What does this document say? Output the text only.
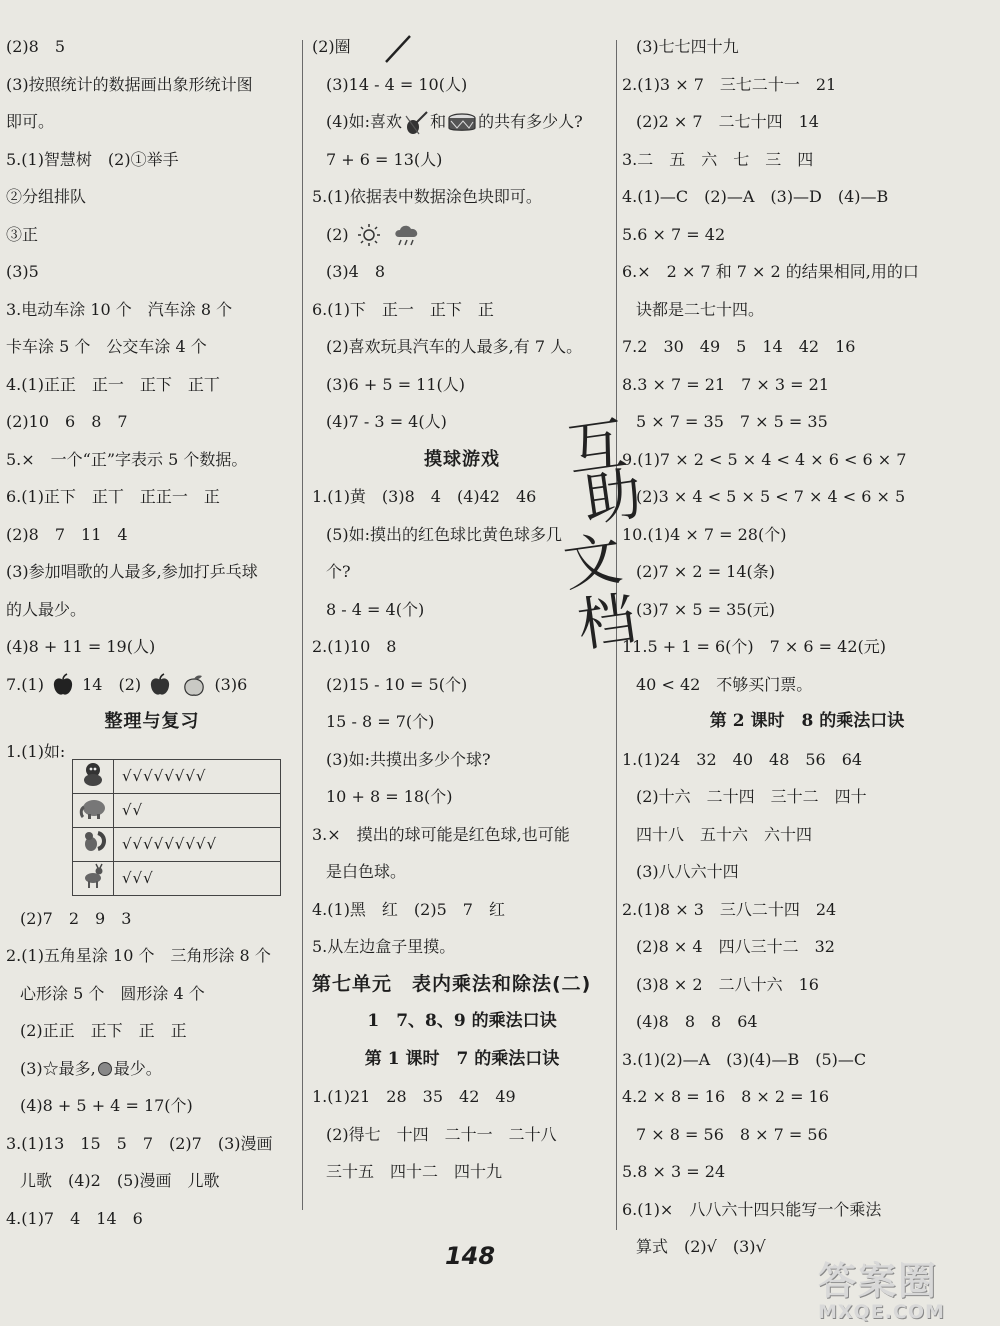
(2)8　5
(3)按照统计的数据画出象形统计图
即可。
5.(1)智慧树　(2)①举手
②分组排队
③正
(3)5
3.电动车涂 10 个　汽车涂 8 个
卡车涂 5 个　公交车涂 4 个
4.(1)正正　正⼀　正下　正丅
(2)10　6　8　7
5.×　一个“正”字表示 5 个数据。
6.(1)正下　正丅　正正⼀　正
(2)8　7　11　4
(3)参加唱歌的人最多,参加打乒乓球
的人最少。
(4)8 + 11 = 19(人)
7.(1) 14　(2)	(3)6
整理与复习
1.(1)如:
	√√√√√√√√
	√√
	√√√√√√√√√
	√√√
(2)7　2　9　3
2.(1)五角星涂 10 个　三角形涂 8 个
心形涂 5 个　圆形涂 4 个
(2)正正　正下　正　正
(3)☆最多, 最少。
(4)8 + 5 + 4 = 17(个)
3.(1)13　15　5　7　(2)7　(3)漫画
儿歌　(4)2　(5)漫画　儿歌
4.(1)7　4　14　6
(2)圈
(3)14 - 4 = 10(人)
(4)如:喜欢 和 的共有多少人?
7 + 6 = 13(人)
5.(1)依据表中数据涂色块即可。
(2)
(3)4　8
6.(1)下　正⼀　正下　正
(2)喜欢玩具汽车的人最多,有 7 人。
(3)6 + 5 = 11(人)
(4)7 - 3 = 4(人)
摸球游戏
1.(1)黄　(3)8　4　(4)42　46
(5)如:摸出的红色球比黄色球多几
个?
8 - 4 = 4(个)
2.(1)10　8
(2)15 - 10 = 5(个)
15 - 8 = 7(个)
(3)如:共摸出多少个球?
10 + 8 = 18(个)
3.×　摸出的球可能是红色球,也可能
是白色球。
4.(1)黑　红　(2)5　7　红
5.从左边盒子里摸。
第七单元　表内乘法和除法(二)
1　7、8、9 的乘法口诀
第 1 课时　7 的乘法口诀
1.(1)21　28　35　42　49
(2)得七　十四　二十一　二十八
三十五　四十二　四十九
(3)七七四十九
2.(1)3 × 7　三七二十一　21
(2)2 × 7　二七十四　14
3.二　五　六　七　三　四
4.(1)—C　(2)—A　(3)—D　(4)—B
5.6 × 7 = 42
6.×　2 × 7 和 7 × 2 的结果相同,用的口
诀都是二七十四。
7.2　30　49　5　14　42　16
8.3 × 7 = 21　7 × 3 = 21
5 × 7 = 35　7 × 5 = 35
9.(1)7 × 2 < 5 × 4 < 4 × 6 < 6 × 7
(2)3 × 4 < 5 × 5 < 7 × 4 < 6 × 5
10.(1)4 × 7 = 28(个)
(2)7 × 2 = 14(条)
(3)7 × 5 = 35(元)
11.5 + 1 = 6(个)　7 × 6 = 42(元)
40 < 42　不够买门票。
第 2 课时　8 的乘法口诀
1.(1)24　32　40　48　56　64
(2)十六　二十四　三十二　四十
四十八　五十六　六十四
(3)八八六十四
2.(1)8 × 3　三八二十四　24
(2)8 × 4　四八三十二　32
(3)8 × 2　二八十六　16
(4)8　8　8　64
3.(1)(2)—A　(3)(4)—B　(5)—C
4.2 × 8 = 16　8 × 2 = 16
7 × 8 = 56　8 × 7 = 56
5.8 × 3 = 24
6.(1)×　八八六十四只能写一个乘法
算式　(2)√　(3)√
互
助
文
档
148
答案圈
MXQE.COM
